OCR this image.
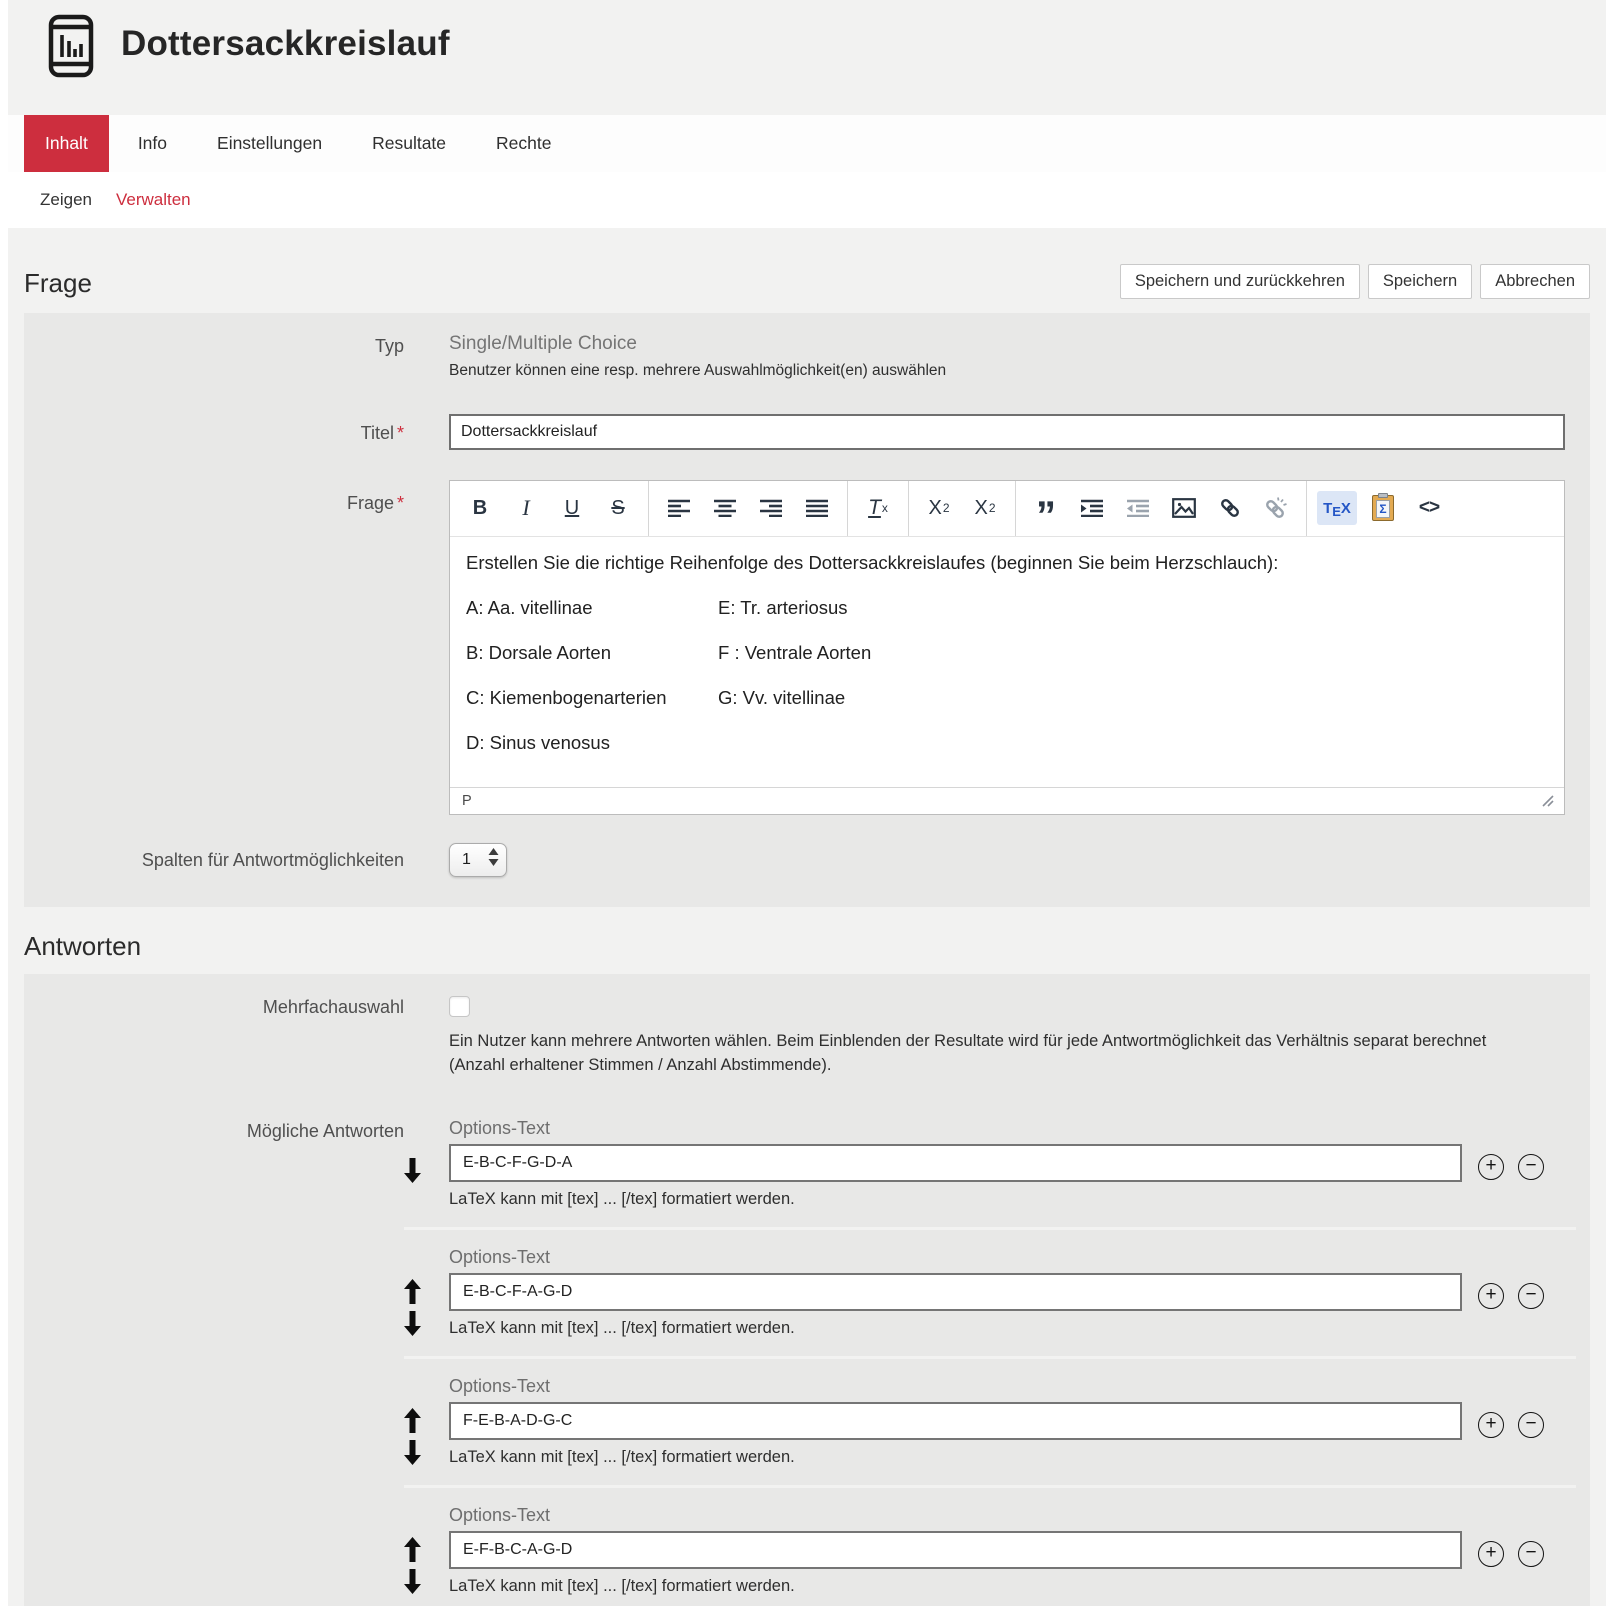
Dottersackkreislauf
Inhalt	Info	Einstellungen	Resultate	Rechte
Zeigen Verwalten
Frage	Speichern und zurückkehren	Speichern	Abbrechen
Typ	Single/Multiple Choice
Benutzer können eine resp. mehrere Auswahlmöglichkeit(en) auswählen
Titel *
Dottersackkreislauf
Frage *	B	I	U	S	T x X 2 X 2	”	T E X Σ	<>

Erstellen Sie die richtige Reihenfolge des Dottersackkreislaufes (beginnen Sie beim Herzschlauch):

A: Aa. vitellinae	E: Tr. arteriosus

B: Dorsale Aorten	F : Ventrale Aorten

C: Kiemenbogenarterien	G: Vv. vitellinae

D: Sinus venosus

P
Spalten für Antwortmöglichkeiten	1
Antworten
Mehrfachauswahl
Ein Nutzer kann mehrere Antworten wählen. Beim Einblenden der Resultate wird für jede Antwortmöglichkeit das Verhältnis separat berechnet (Anzahl erhaltener Stimmen / Anzahl Abstimmende).
Mögliche Antworten	Options-Text
E-B-C-F-G-D-A
LaTeX kann mit [tex] ... [/tex] formatiert werden.
+	−
Options-Text
E-B-C-F-A-G-D
LaTeX kann mit [tex] ... [/tex] formatiert werden.
+	−
Options-Text
F-E-B-A-D-G-C
LaTeX kann mit [tex] ... [/tex] formatiert werden.
+	−
Options-Text
E-F-B-C-A-G-D
LaTeX kann mit [tex] ... [/tex] formatiert werden.
+	−
